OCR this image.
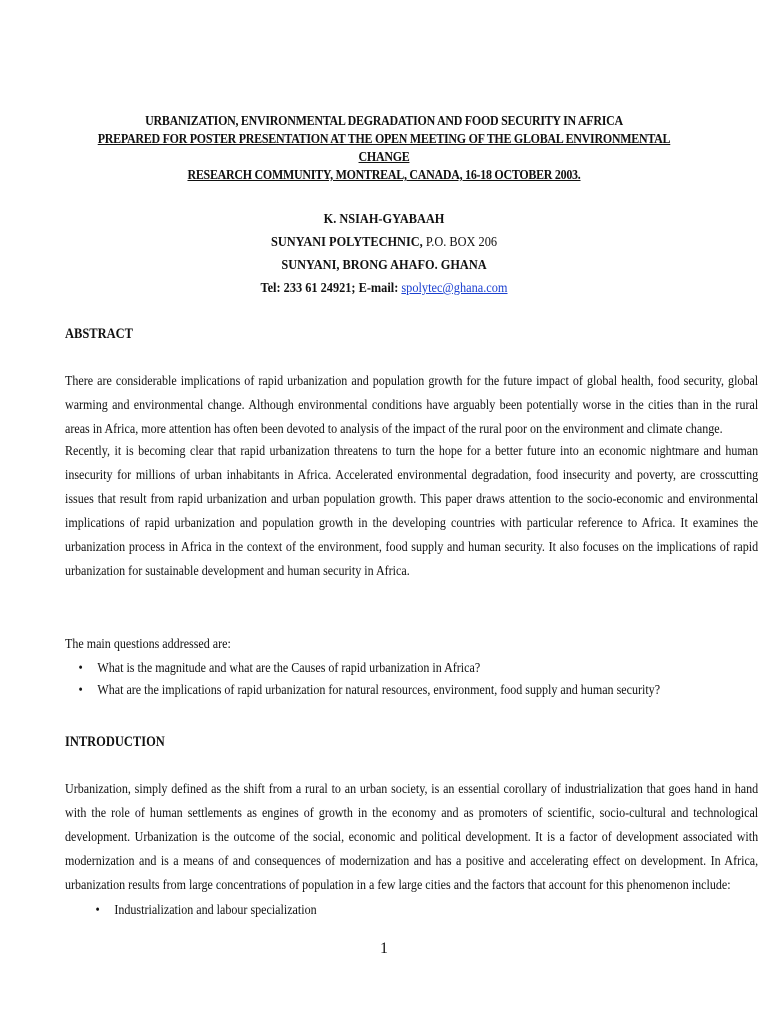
URBANIZATION, ENVIRONMENTAL DEGRADATION AND FOOD SECURITY IN AFRICA
PREPARED FOR POSTER PRESENTATION AT THE OPEN MEETING OF THE GLOBAL ENVIRONMENTAL CHANGE
RESEARCH COMMUNITY, MONTREAL, CANADA, 16-18 OCTOBER 2003.
K. NSIAH-GYABAAH
SUNYANI POLYTECHNIC, P.O. BOX 206
SUNYANI, BRONG AHAFO. GHANA
Tel: 233 61 24921; E-mail: spolytec@ghana.com
ABSTRACT
There are considerable implications of rapid urbanization and population growth for the future impact of global health, food security, global warming and environmental change. Although environmental conditions have arguably been potentially worse in the cities than in the rural areas in Africa, more attention has often been devoted to analysis of the impact of the rural poor on the environment and climate change.
Recently, it is becoming clear that rapid urbanization threatens to turn the hope for a better future into an economic nightmare and human insecurity for millions of urban inhabitants in Africa. Accelerated environmental degradation, food insecurity and poverty, are crosscutting issues that result from rapid urbanization and urban population growth. This paper draws attention to the socio-economic and environmental implications of rapid urbanization and population growth in the developing countries with particular reference to Africa. It examines the urbanization process in Africa in the context of the environment, food supply and human security. It also focuses on the implications of rapid urbanization for sustainable development and human security in Africa.
The main questions addressed are:
• What is the magnitude and what are the Causes of rapid urbanization in Africa?
• What are the implications of rapid urbanization for natural resources, environment, food supply and human security?
INTRODUCTION
Urbanization, simply defined as the shift from a rural to an urban society, is an essential corollary of industrialization that goes hand in hand with the role of human settlements as engines of growth in the economy and as promoters of scientific, socio-cultural and technological development. Urbanization is the outcome of the social, economic and political development. It is a factor of development associated with modernization and is a means of and consequences of modernization and has a positive and accelerating effect on development. In Africa, urbanization results from large concentrations of population in a few large cities and the factors that account for this phenomenon include:
• Industrialization and labour specialization
1
